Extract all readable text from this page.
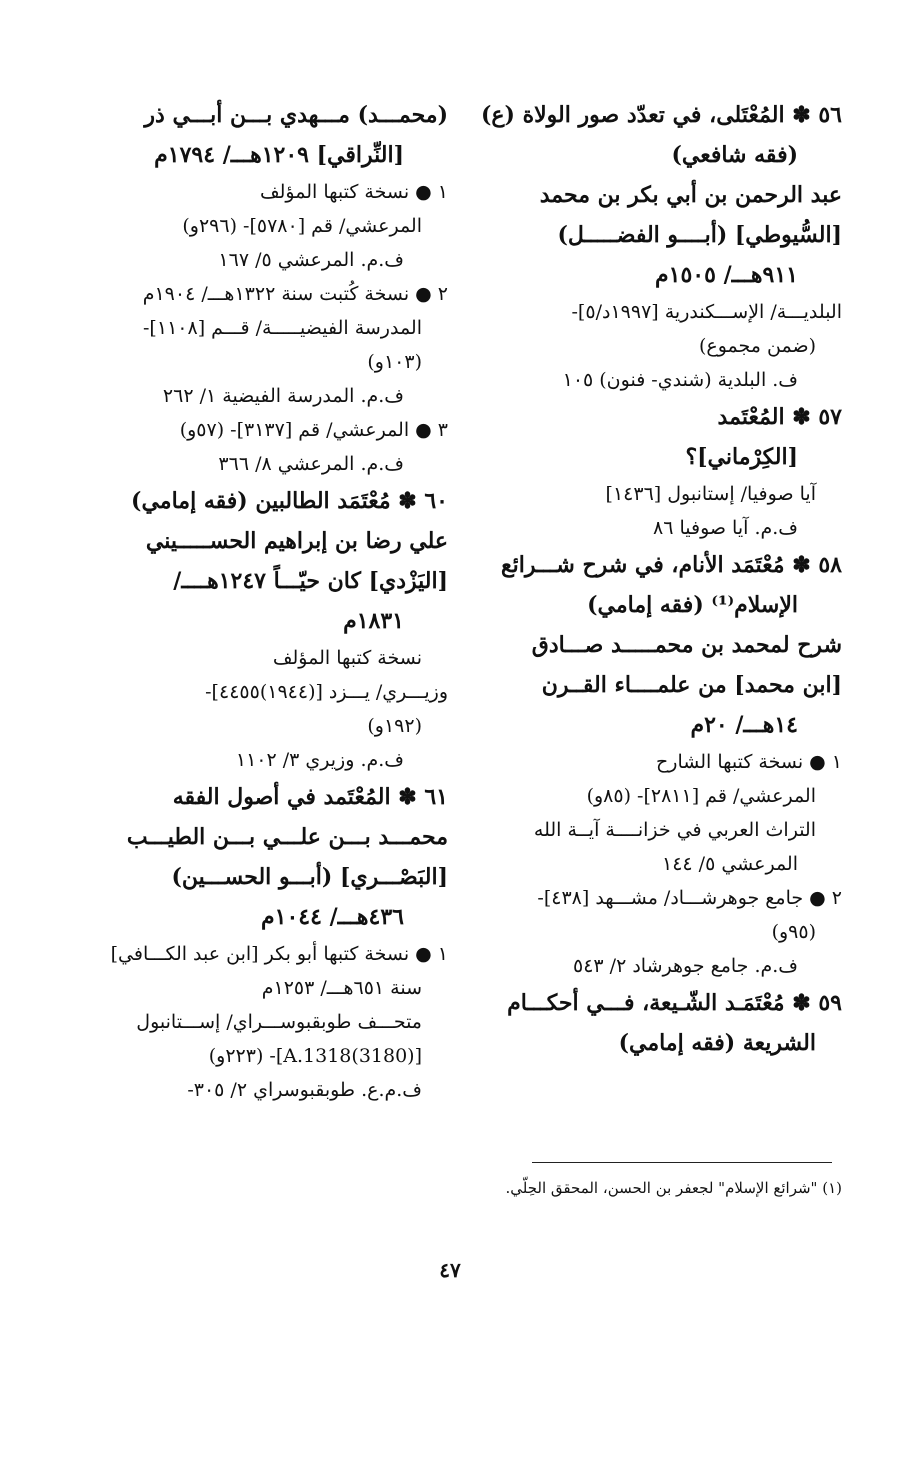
٥٦ ✽ المُعْتَلى، في تعدّد صور الولاة (ع)
(فقه شافعي)
عبد الرحمن بن أبي بكر بن محمد
[السُّيوطي] (أبــــو الفضـــــل)
٩١١هـــ/ ١٥٠٥م
البلديـــة/ الإســـكندرية [١٩٩٧د/٥]-
(ضمن مجموع)
ف. البلدية (شندي- فنون) ١٠٥
٥٧ ✽ المُعْتَمد
[الكِرْماني]؟
آيا صوفيا/ إستانبول [١٤٣٦]
ف.م. آيا صوفيا ٨٦
٥٨ ✽ مُعْتَمَد الأنام، في شرح شـــرائع
الإسلام⁽¹⁾ (فقه إمامي)
شرح لمحمد بن محمـــــد صـــادق
[ابن محمد] من علمــــاء القــرن
١٤هـــ/ ٢٠م
١ ● نسخة كتبها الشارح
المرعشي/ قم [٢٨١١]- (٨٥و)
التراث العربي في خزانــــة آيــة الله
المرعشي ٥/ ١٤٤
٢ ● جامع جوهرشـــاد/ مشـــهد [٤٣٨]-
(٩٥و)
ف.م. جامع جوهرشاد ٢/ ٥٤٣
٥٩ ✽ مُعْتَمَـد الشّـيعة، فـــي أحكـــام
الشريعة (فقه إمامي)
(محمـــد) مـــهدي بـــن أبـــي ذر
[النِّراقي] ١٢٠٩هـــ/ ١٧٩٤م
١ ● نسخة كتبها المؤلف
المرعشي/ قم [٥٧٨٠]- (٢٩٦و)
ف.م. المرعشي ٥/ ١٦٧
٢ ● نسخة كُتبت سنة ١٣٢٢هـــ/ ١٩٠٤م
المدرسة الفيضيـــــة/ قـــم [١١٠٨]-
(١٠٣و)
ف.م. المدرسة الفيضية ١/ ٢٦٢
٣ ● المرعشي/ قم [٣١٣٧]- (٥٧و)
ف.م. المرعشي ٨/ ٣٦٦
٦٠ ✽ مُعْتَمَد الطالبين (فقه إمامي)
علي رضا بن إبراهيم الحســـــيني
[اليَزْدي] كان حيّـــاً ١٢٤٧هــــ/
١٨٣١م
نسخة كتبها المؤلف
وزيـــري/ يـــزد [(١٩٤٤)٤٤٥٥]-
(١٩٢و)
ف.م. وزيري ٣/ ١١٠٢
٦١ ✽ المُعْتَمد في أصول الفقه
محمـــد بـــن علـــي بـــن الطيـــب
[البَصْـــري] (أبـــو الحســـين)
٤٣٦هـــ/ ١٠٤٤م
١ ● نسخة كتبها أبو بكر [ابن عبد الكـــافي]
سنة ٦٥١هـــ/ ١٢٥٣م
متحـــف طوبقبوســـراي/ إســـتانبول
[(3180)A.1318]- (٢٢٣و)
ف.م.ع. طوبقبوسراي ٢/ ٣٠٥-
(١) "شرائع الإسلام" لجعفر بن الحسن، المحقق الحِلّي.
٤٧
